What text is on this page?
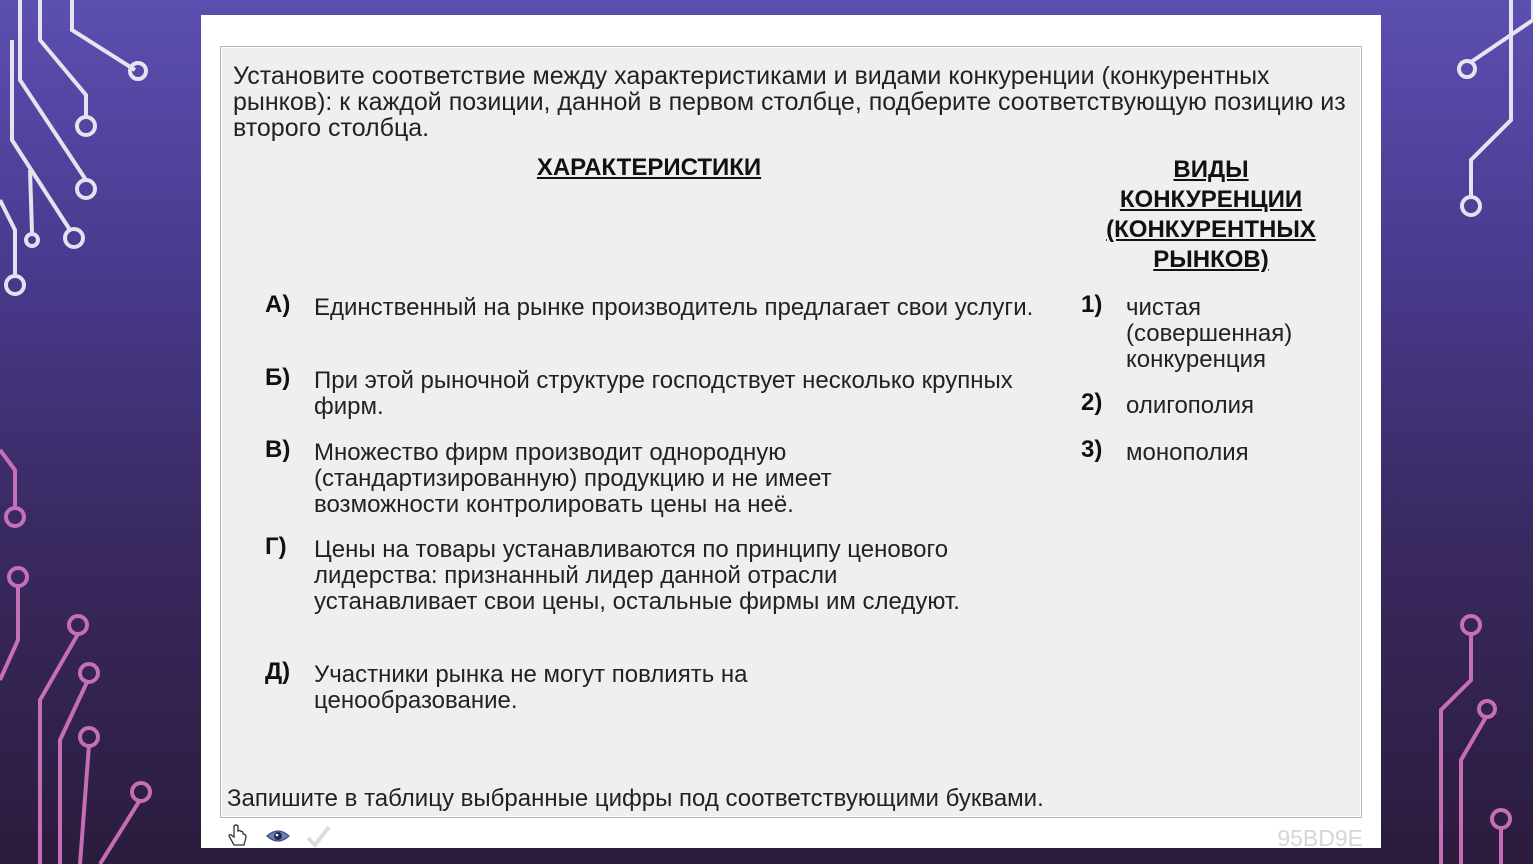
Установите соответствие между характеристиками и видами конкуренции (конкурентных рынков): к каждой позиции, данной в первом столбце, подберите соответствующую позицию из второго столбца.

ХАРАКТЕРИСТИКИ	ВИДЫ КОНКУРЕНЦИИ (КОНКУРЕНТНЫХ РЫНКОВ)

А) Единственный на рынке производитель предлагает свои услуги.

Б) При этой рыночной структуре господствует несколько крупных фирм.

В) Множество фирм производит однородную (стандартизированную) продукцию и не имеет возможности контролировать цены на неё.

Г) Цены на товары устанавливаются по принципу ценового лидерства: признанный лидер данной отрасли устанавливает свои цены, остальные фирмы им следуют.

Д) Участники рынка не могут повлиять на ценообразование.

1) чистая (совершенная) конкуренция

2) олигополия

3) монополия

Запишите в таблицу выбранные цифры под соответствующими буквами.

95BD9E
